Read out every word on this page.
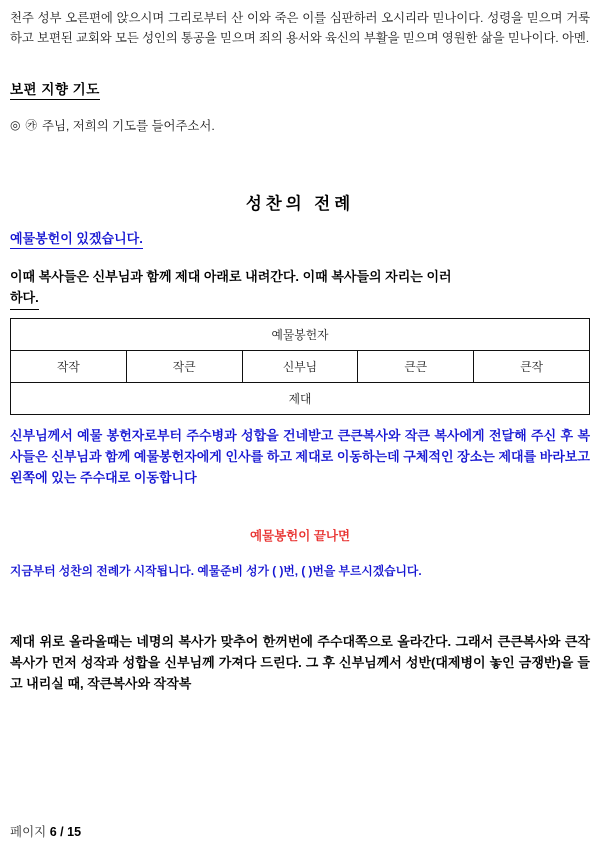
천주 성부 오른편에 앉으시며 그리로부터 산 이와 죽은 이를 심판하러 오시리라 믿나이다. 성령을 믿으며 거룩하고 보편된 교회와 모든 성인의 통공을 믿으며 죄의 용서와 육신의 부활을 믿으며 영원한 삶을 믿나이다. 아멘.

보편 지향 기도
◎ ㉮ 주님, 저희의 기도를 들어주소서.

성찬의 전례

예물봉헌이 있겠습니다.

이때 복사들은 신부님과 함께 제대 아래로 내려간다. 이때 복사들의 자리는 이러
하다.

예물봉헌자
작작	작큰	신부님	큰큰	큰작
제대

신부님께서 예물 봉헌자로부터 주수병과 성합을 건네받고 큰큰복사와 작큰 복사에게 전달해 주신 후 복사들은 신부님과 함께 예물봉헌자에게 인사를 하고 제대로 이동하는데 구체적인 장소는 제대를 바라보고 왼쪽에 있는 주수대로 이동합니다

예물봉헌이 끝나면

지금부터 성찬의 전례가 시작됩니다. 예물준비 성가 ( )번, ( )번을 부르시겠습니다.

제대 위로 올라올때는 네명의 복사가 맞추어 한꺼번에 주수대쪽으로 올라간다. 그래서 큰큰복사와 큰작복사가 먼저 성작과 성합을 신부님께 가져다 드린다. 그 후 신부님께서 성반(대제병이 놓인 금쟁반)을 들고 내리실 때, 작큰복사와 작작복

페이지 6 / 15
